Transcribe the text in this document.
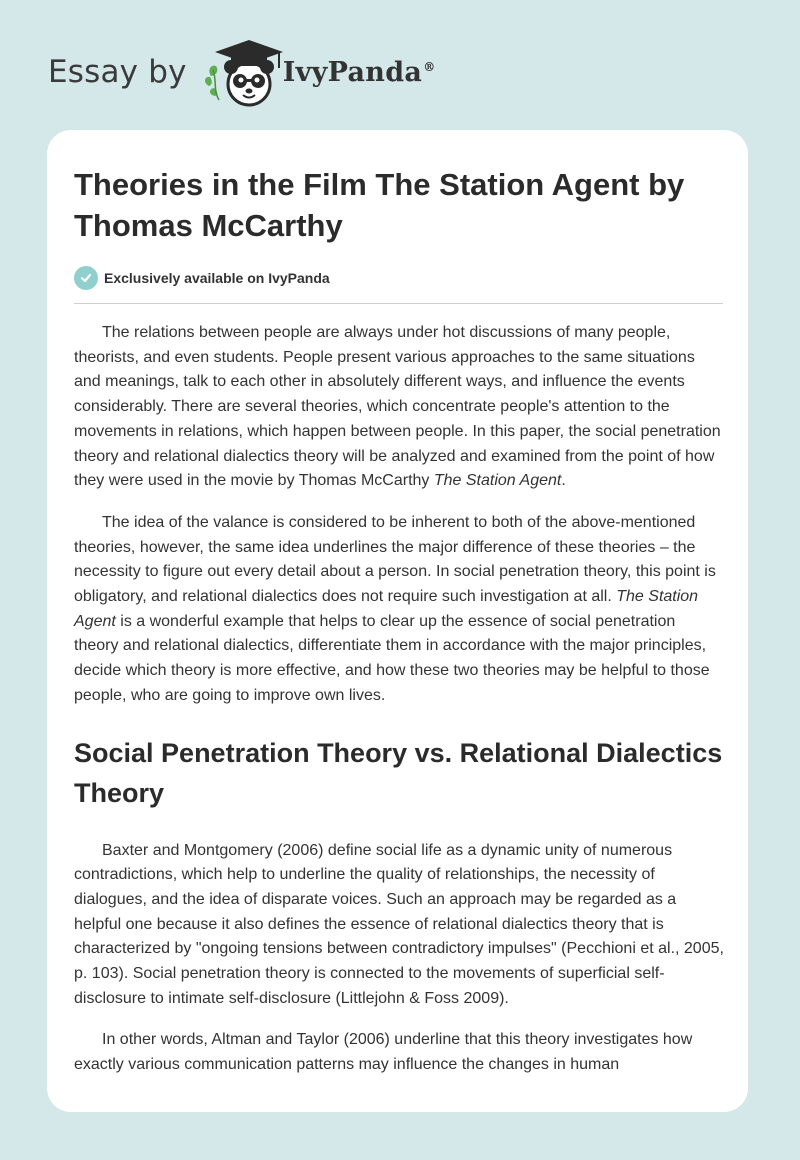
Essay by	IvyPanda®
Theories in the Film The Station Agent by Thomas McCarthy
Exclusively available on IvyPanda

The relations between people are always under hot discussions of many people, theorists, and even students. People present various approaches to the same situations and meanings, talk to each other in absolutely different ways, and influence the events considerably. There are several theories, which concentrate people's attention to the movements in relations, which happen between people. In this paper, the social penetration theory and relational dialectics theory will be analyzed and examined from the point of how they were used in the movie by Thomas McCarthy The Station Agent.

The idea of the valance is considered to be inherent to both of the above-mentioned theories, however, the same idea underlines the major difference of these theories – the necessity to figure out every detail about a person. In social penetration theory, this point is obligatory, and relational dialectics does not require such investigation at all. The Station Agent is a wonderful example that helps to clear up the essence of social penetration theory and relational dialectics, differentiate them in accordance with the major principles, decide which theory is more effective, and how these two theories may be helpful to those people, who are going to improve own lives.

Social Penetration Theory vs. Relational Dialectics Theory

Baxter and Montgomery (2006) define social life as a dynamic unity of numerous contradictions, which help to underline the quality of relationships, the necessity of dialogues, and the idea of disparate voices. Such an approach may be regarded as a helpful one because it also defines the essence of relational dialectics theory that is characterized by "ongoing tensions between contradictory impulses" (Pecchioni et al., 2005, p. 103). Social penetration theory is connected to the movements of superficial self-disclosure to intimate self-disclosure (Littlejohn & Foss 2009).

In other words, Altman and Taylor (2006) underline that this theory investigates how exactly various communication patterns may influence the changes in human
